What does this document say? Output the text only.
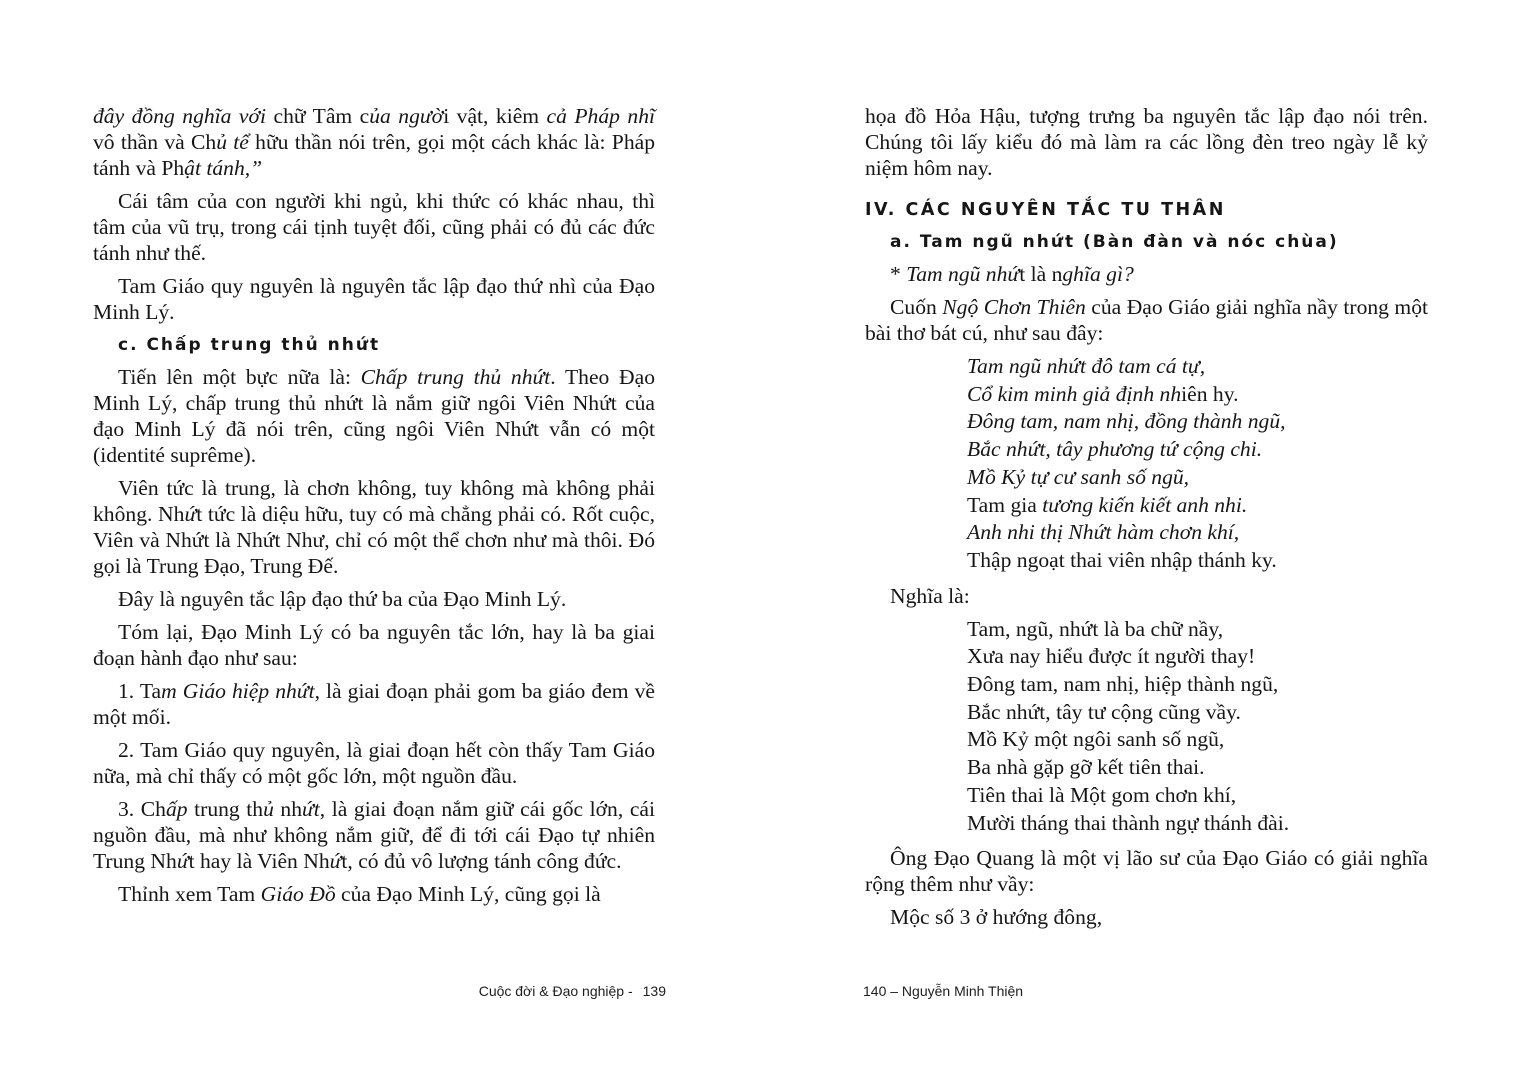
đây đồng nghĩa với chữ Tâm của người vật, kiêm cả Pháp nhĩ vô thần và Chủ tể hữu thần nói trên, gọi một cách khác là: Pháp tánh và Phật tánh,”

Cái tâm của con người khi ngủ, khi thức có khác nhau, thì tâm của vũ trụ, trong cái tịnh tuyệt đối, cũng phải có đủ các đức tánh như thế.

Tam Giáo quy nguyên là nguyên tắc lập đạo thứ nhì của Đạo Minh Lý.

c. Chấp trung thủ nhứt

Tiến lên một bực nữa là: Chấp trung thủ nhứt. Theo Đạo Minh Lý, chấp trung thủ nhứt là nắm giữ ngôi Viên Nhứt của đạo Minh Lý đã nói trên, cũng ngôi Viên Nhứt vẫn có một (identité suprême).

Viên tức là trung, là chơn không, tuy không mà không phải không. Nhứt tức là diệu hữu, tuy có mà chẳng phải có. Rốt cuộc, Viên và Nhứt là Nhứt Như, chỉ có một thể chơn như mà thôi. Đó gọi là Trung Đạo, Trung Đế.

Đây là nguyên tắc lập đạo thứ ba của Đạo Minh Lý.

Tóm lại, Đạo Minh Lý có ba nguyên tắc lớn, hay là ba giai đoạn hành đạo như sau:

1. Tam Giáo hiệp nhứt, là giai đoạn phải gom ba giáo đem về một mối.

2. Tam Giáo quy nguyên, là giai đoạn hết còn thấy Tam Giáo nữa, mà chỉ thấy có một gốc lớn, một nguồn đầu.

3. Chấp trung thủ nhứt, là giai đoạn nắm giữ cái gốc lớn, cái nguồn đầu, mà như không nắm giữ, để đi tới cái Đạo tự nhiên Trung Nhứt hay là Viên Nhứt, có đủ vô lượng tánh công đức.

Thỉnh xem Tam Giáo Đồ của Đạo Minh Lý, cũng gọi là

Cuộc đời & Đạo nghiệp - 139

họa đồ Hỏa Hậu, tượng trưng ba nguyên tắc lập đạo nói trên. Chúng tôi lấy kiểu đó mà làm ra các lồng đèn treo ngày lễ kỷ niệm hôm nay.

IV. CÁC NGUYÊN TẮC TU THÂN
a. Tam ngũ nhứt (Bàn đàn và nóc chùa)

* Tam ngũ nhứt là nghĩa gì?

Cuốn Ngộ Chơn Thiên của Đạo Giáo giải nghĩa nầy trong một bài thơ bát cú, như sau đây:

Tam ngũ nhứt đô tam cá tự,
Cổ kim minh giả định nhiên hy.
Đông tam, nam nhị, đồng thành ngũ,
Bắc nhứt, tây phương tứ cộng chi.
Mồ Kỷ tự cư sanh số ngũ,
Tam gia tương kiến kiết anh nhi.
Anh nhi thị Nhứt hàm chơn khí,
Thập ngoạt thai viên nhập thánh ky.

Nghĩa là:

Tam, ngũ, nhứt là ba chữ nầy,
Xưa nay hiểu được ít người thay!
Đông tam, nam nhị, hiệp thành ngũ,
Bắc nhứt, tây tư cộng cũng vầy.
Mồ Kỷ một ngôi sanh số ngũ,
Ba nhà gặp gỡ kết tiên thai.
Tiên thai là Một gom chơn khí,
Mười tháng thai thành ngự thánh đài.

Ông Đạo Quang là một vị lão sư của Đạo Giáo có giải nghĩa rộng thêm như vầy:

Mộc số 3 ở hướng đông,

140 – Nguyễn Minh Thiện
